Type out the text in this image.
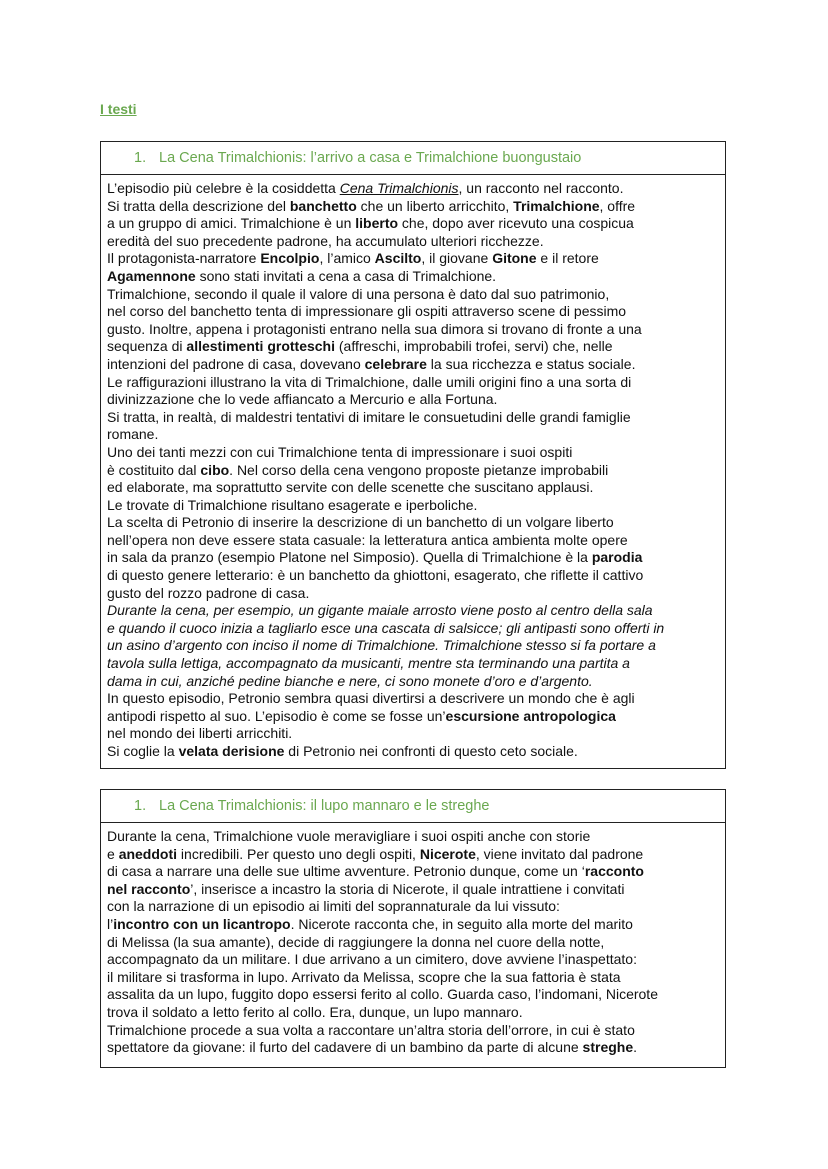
I testi
1. La Cena Trimalchionis: l’arrivo a casa e Trimalchione buongustaio

L’episodio più celebre è la cosiddetta Cena Trimalchionis, un racconto nel racconto.

Si tratta della descrizione del banchetto che un liberto arricchito, Trimalchione, offre

a un gruppo di amici. Trimalchione è un liberto che, dopo aver ricevuto una cospicua

eredità del suo precedente padrone, ha accumulato ulteriori ricchezze.

Il protagonista-narratore Encolpio, l’amico Ascilto, il giovane Gitone e il retore

Agamennone sono stati invitati a cena a casa di Trimalchione.

Trimalchione, secondo il quale il valore di una persona è dato dal suo patrimonio,

nel corso del banchetto tenta di impressionare gli ospiti attraverso scene di pessimo

gusto. Inoltre, appena i protagonisti entrano nella sua dimora si trovano di fronte a una

sequenza di allestimenti grotteschi (affreschi, improbabili trofei, servi) che, nelle

intenzioni del padrone di casa, dovevano celebrare la sua ricchezza e status sociale.

Le raffigurazioni illustrano la vita di Trimalchione, dalle umili origini fino a una sorta di

divinizzazione che lo vede affiancato a Mercurio e alla Fortuna.

Si tratta, in realtà, di maldestri tentativi di imitare le consuetudini delle grandi famiglie

romane.

Uno dei tanti mezzi con cui Trimalchione tenta di impressionare i suoi ospiti

è costituito dal cibo. Nel corso della cena vengono proposte pietanze improbabili

ed elaborate, ma soprattutto servite con delle scenette che suscitano applausi.

Le trovate di Trimalchione risultano esagerate e iperboliche.

La scelta di Petronio di inserire la descrizione di un banchetto di un volgare liberto

nell’opera non deve essere stata casuale: la letteratura antica ambienta molte opere

in sala da pranzo (esempio Platone nel Simposio). Quella di Trimalchione è la parodia

di questo genere letterario: è un banchetto da ghiottoni, esagerato, che riflette il cattivo

gusto del rozzo padrone di casa.

Durante la cena, per esempio, un gigante maiale arrosto viene posto al centro della sala

e quando il cuoco inizia a tagliarlo esce una cascata di salsicce; gli antipasti sono offerti in

un asino d’argento con inciso il nome di Trimalchione. Trimalchione stesso si fa portare a

tavola sulla lettiga, accompagnato da musicanti, mentre sta terminando una partita a

dama in cui, anziché pedine bianche e nere, ci sono monete d’oro e d’argento.

In questo episodio, Petronio sembra quasi divertirsi a descrivere un mondo che è agli

antipodi rispetto al suo. L’episodio è come se fosse un’escursione antropologica

nel mondo dei liberti arricchiti.

Si coglie la velata derisione di Petronio nei confronti di questo ceto sociale.

1. La Cena Trimalchionis: il lupo mannaro e le streghe

Durante la cena, Trimalchione vuole meravigliare i suoi ospiti anche con storie

e aneddoti incredibili. Per questo uno degli ospiti, Nicerote, viene invitato dal padrone

di casa a narrare una delle sue ultime avventure. Petronio dunque, come un ‘racconto

nel racconto’, inserisce a incastro la storia di Nicerote, il quale intrattiene i convitati

con la narrazione di un episodio ai limiti del soprannaturale da lui vissuto:

l’incontro con un licantropo. Nicerote racconta che, in seguito alla morte del marito

di Melissa (la sua amante), decide di raggiungere la donna nel cuore della notte,

accompagnato da un militare. I due arrivano a un cimitero, dove avviene l’inaspettato:

il militare si trasforma in lupo. Arrivato da Melissa, scopre che la sua fattoria è stata

assalita da un lupo, fuggito dopo essersi ferito al collo. Guarda caso, l’indomani, Nicerote

trova il soldato a letto ferito al collo. Era, dunque, un lupo mannaro.

Trimalchione procede a sua volta a raccontare un’altra storia dell’orrore, in cui è stato

spettatore da giovane: il furto del cadavere di un bambino da parte di alcune streghe.
